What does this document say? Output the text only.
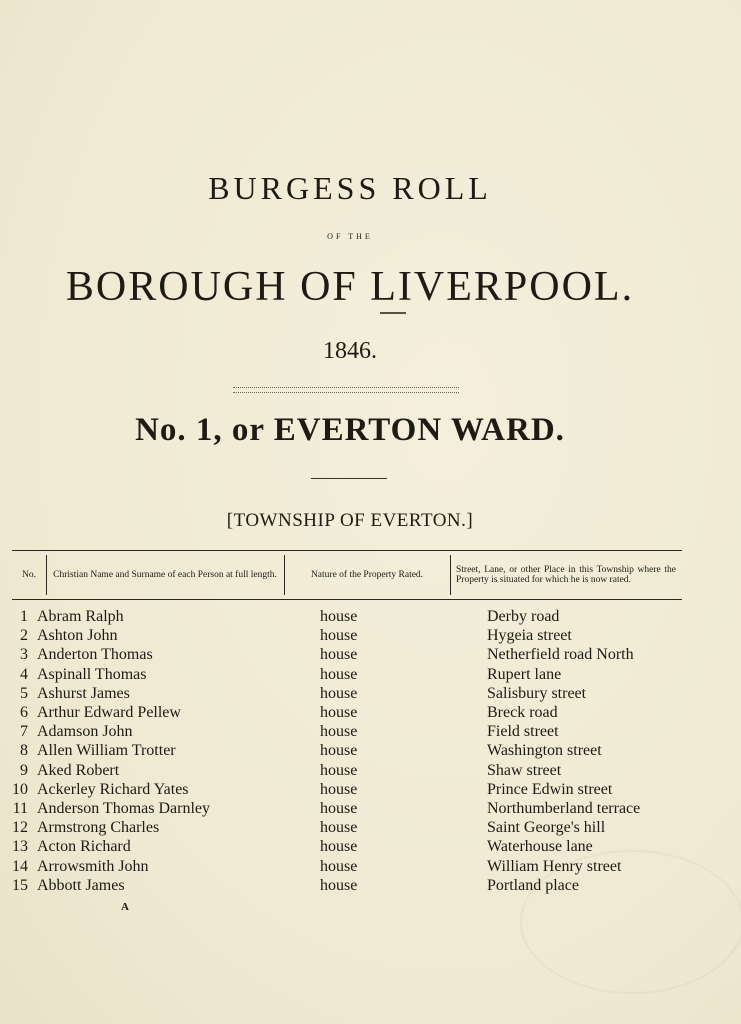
BURGESS ROLL
OF THE
BOROUGH OF LIVERPOOL.
1846.
No. 1, or EVERTON WARD.
[TOWNSHIP OF EVERTON.]
No.	Christian Name and Surname of each Person at full length.	Nature of the Property Rated.	Street, Lane, or other Place in this Township where the Property is situated for which he is now rated.
1 Abram Ralph	house	Derby road
2 Ashton John	house	Hygeia street
3 Anderton Thomas	house	Netherfield road North
4 Aspinall Thomas	house	Rupert lane
5 Ashurst James	house	Salisbury street
6 Arthur Edward Pellew	house	Breck road
7 Adamson John	house	Field street
8 Allen William Trotter	house	Washington street
9 Aked Robert	house	Shaw street
10 Ackerley Richard Yates	house	Prince Edwin street
11 Anderson Thomas Darnley	house	Northumberland terrace
12 Armstrong Charles	house	Saint George's hill
13 Acton Richard	house	Waterhouse lane
14 Arrowsmith John	house	William Henry street
15 Abbott James	house	Portland place
A
